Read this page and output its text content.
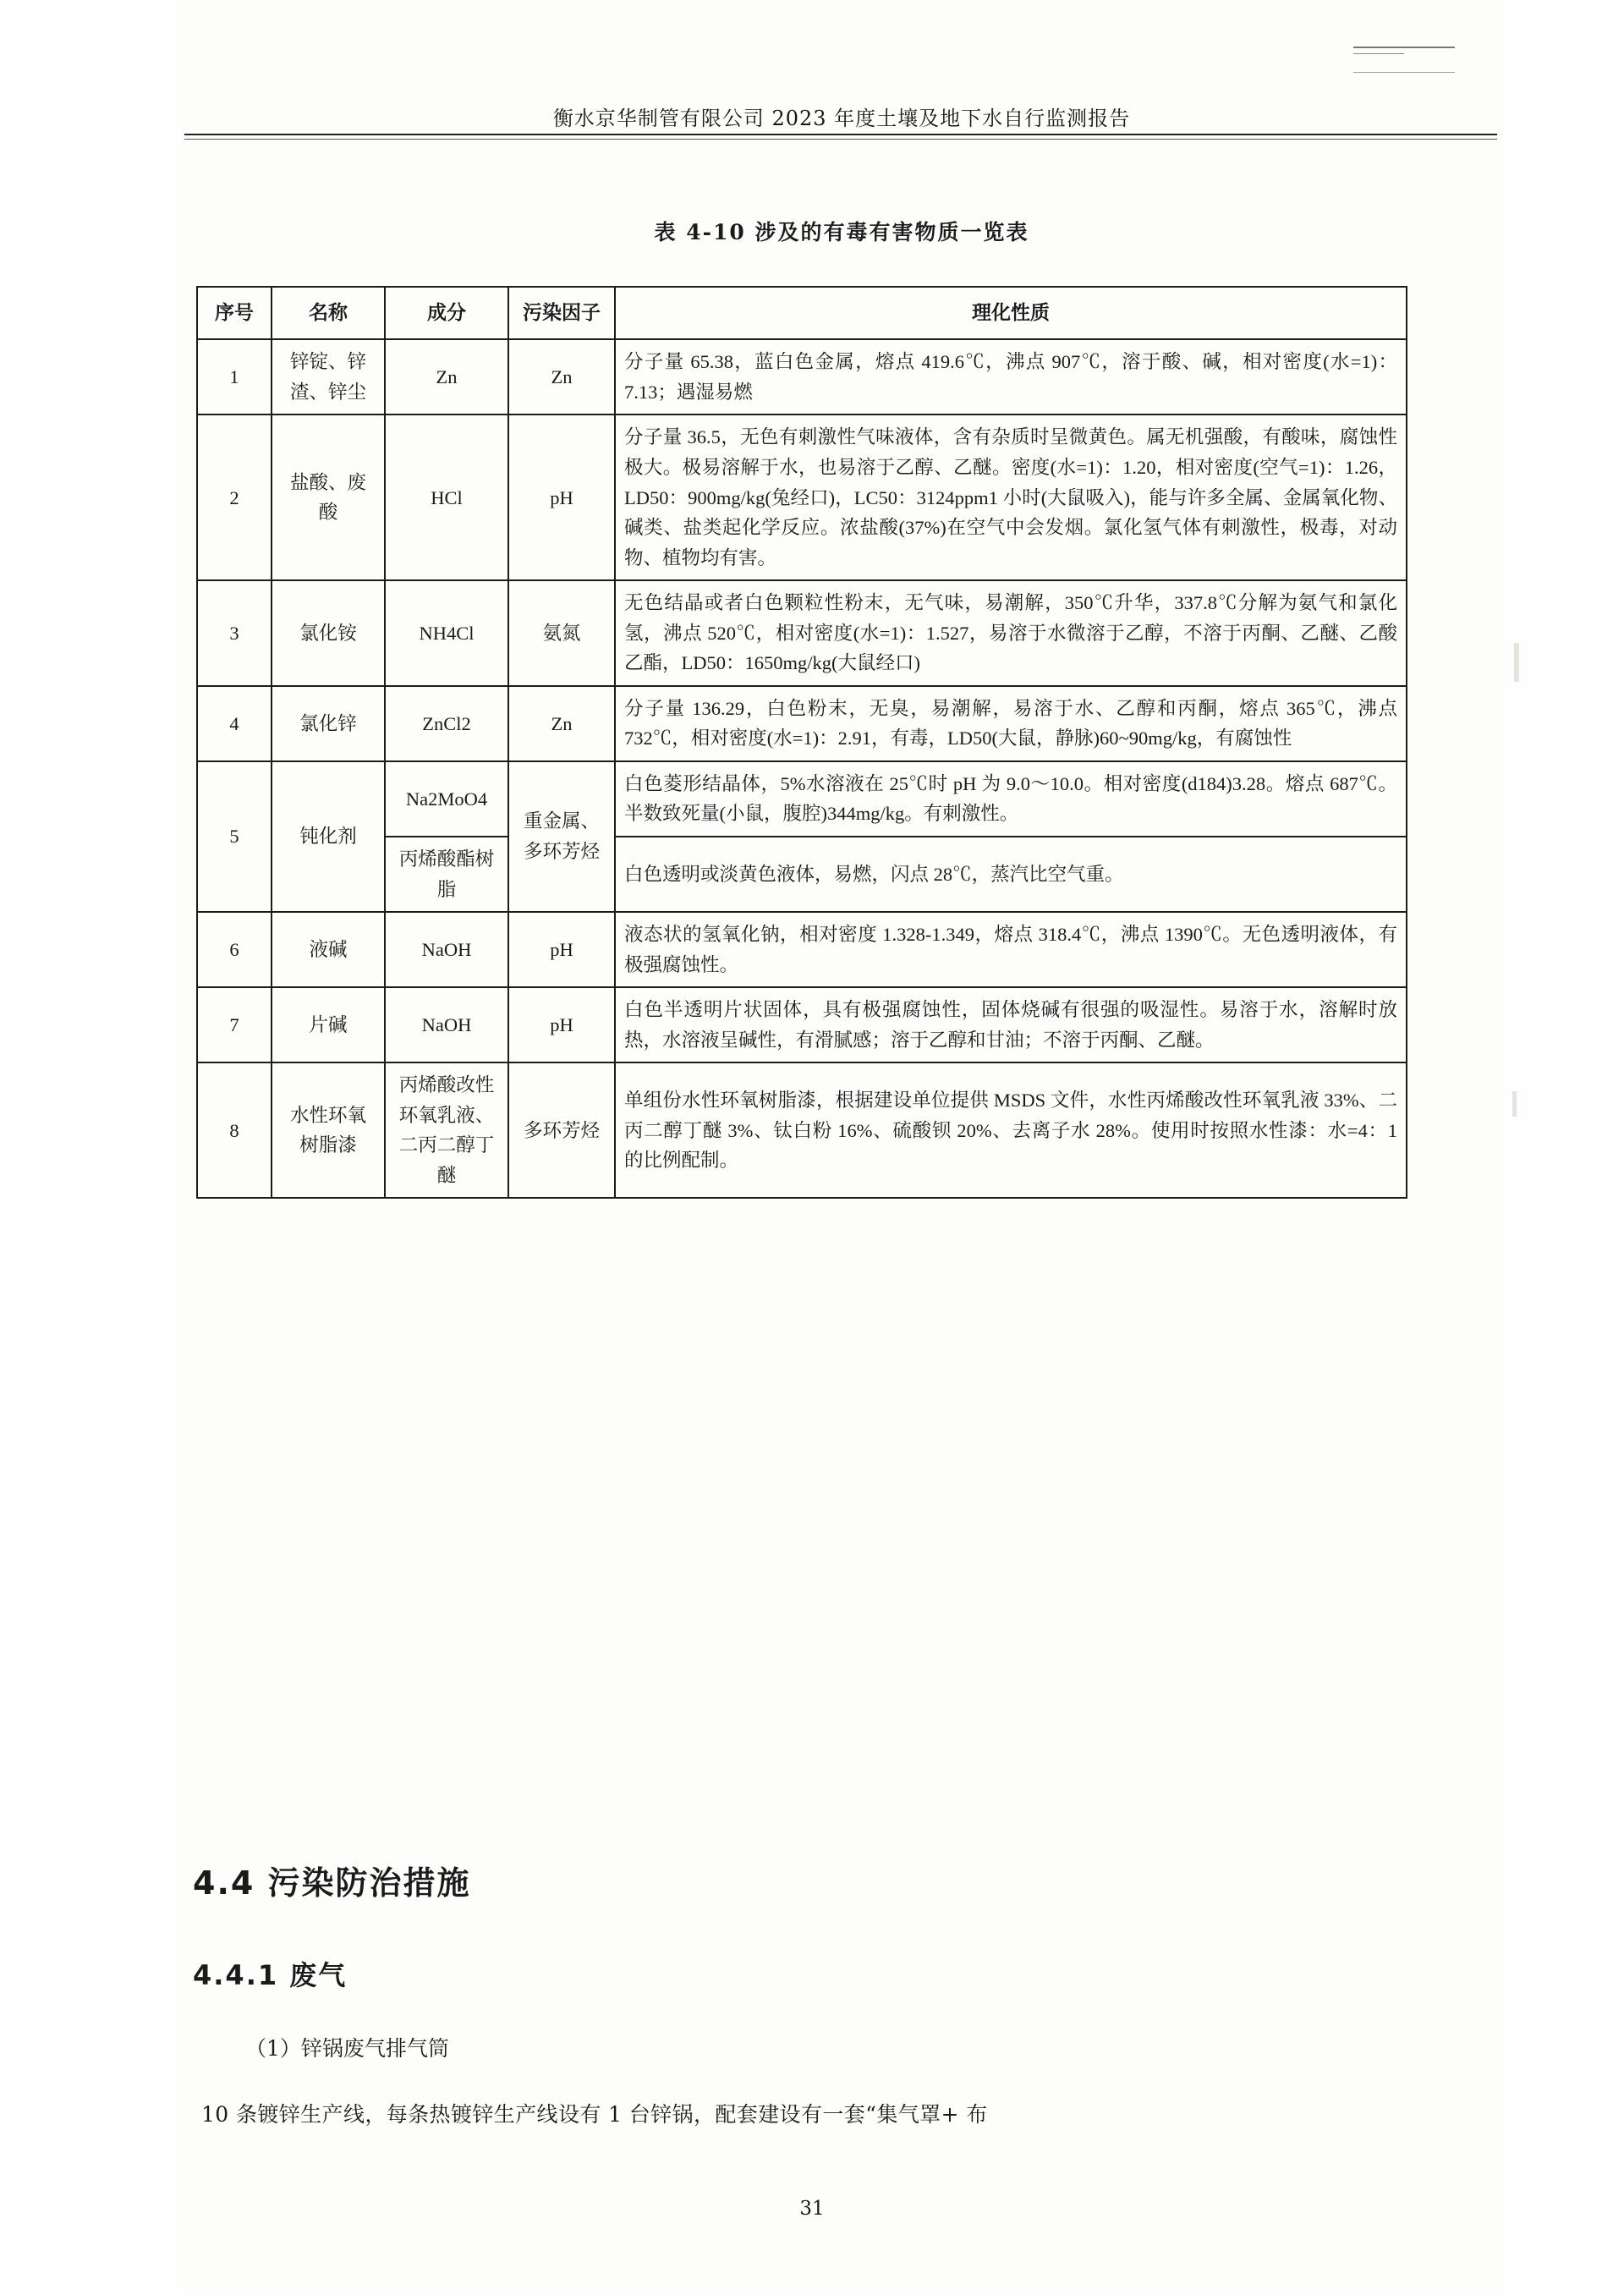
衡水京华制管有限公司 2023 年度土壤及地下水自行监测报告
表 4-10 涉及的有毒有害物质一览表
序号	名称	成分	污染因子	理化性质
1	锌锭、锌渣、锌尘	Zn	Zn	分子量 65.38，蓝白色金属，熔点 419.6℃，沸点 907℃，溶于酸、碱，相对密度(水=1)：7.13；遇湿易燃
2	盐酸、废酸	HCl	pH	分子量 36.5，无色有刺激性气味液体，含有杂质时呈微黄色。属无机强酸，有酸味，腐蚀性极大。极易溶解于水，也易溶于乙醇、乙醚。密度(水=1)：1.20，相对密度(空气=1)：1.26，LD50：900mg/kg(兔经口)，LC50：3124ppm1 小时(大鼠吸入)，能与许多全属、金属氧化物、碱类、盐类起化学反应。浓盐酸(37%)在空气中会发烟。氯化氢气体有刺激性，极毒，对动物、植物均有害。
3	氯化铵	NH4Cl	氨氮	无色结晶或者白色颗粒性粉末，无气味，易潮解，350℃升华，337.8℃分解为氨气和氯化氢，沸点 520℃，相对密度(水=1)：1.527，易溶于水微溶于乙醇，不溶于丙酮、乙醚、乙酸乙酯，LD50：1650mg/kg(大鼠经口)
4	氯化锌	ZnCl2	Zn	分子量 136.29，白色粉末，无臭，易潮解，易溶于水、乙醇和丙酮，熔点 365℃，沸点 732℃，相对密度(水=1)：2.91，有毒，LD50(大鼠，静脉)60~90mg/kg，有腐蚀性
5	钝化剂	Na2MoO4	重金属、多环芳烃	白色菱形结晶体，5%水溶液在 25℃时 pH 为 9.0～10.0。相对密度(d184)3.28。熔点 687℃。半数致死量(小鼠，腹腔)344mg/kg。有刺激性。
		丙烯酸酯树脂		白色透明或淡黄色液体，易燃，闪点 28℃，蒸汽比空气重。
6	液碱	NaOH	pH	液态状的氢氧化钠，相对密度 1.328-1.349，熔点 318.4℃，沸点 1390℃。无色透明液体，有极强腐蚀性。
7	片碱	NaOH	pH	白色半透明片状固体，具有极强腐蚀性，固体烧碱有很强的吸湿性。易溶于水，溶解时放热，水溶液呈碱性，有滑腻感；溶于乙醇和甘油；不溶于丙酮、乙醚。
8	水性环氧树脂漆	丙烯酸改性环氧乳液、二丙二醇丁醚	多环芳烃	单组份水性环氧树脂漆，根据建设单位提供 MSDS 文件，水性丙烯酸改性环氧乳液 33%、二丙二醇丁醚 3%、钛白粉 16%、硫酸钡 20%、去离子水 28%。使用时按照水性漆：水=4：1 的比例配制。
4.4 污染防治措施
4.4.1 废气
（1）锌锅废气排气筒
10 条镀锌生产线，每条热镀锌生产线设有 1 台锌锅，配套建设有一套“集气罩+ 布
31
